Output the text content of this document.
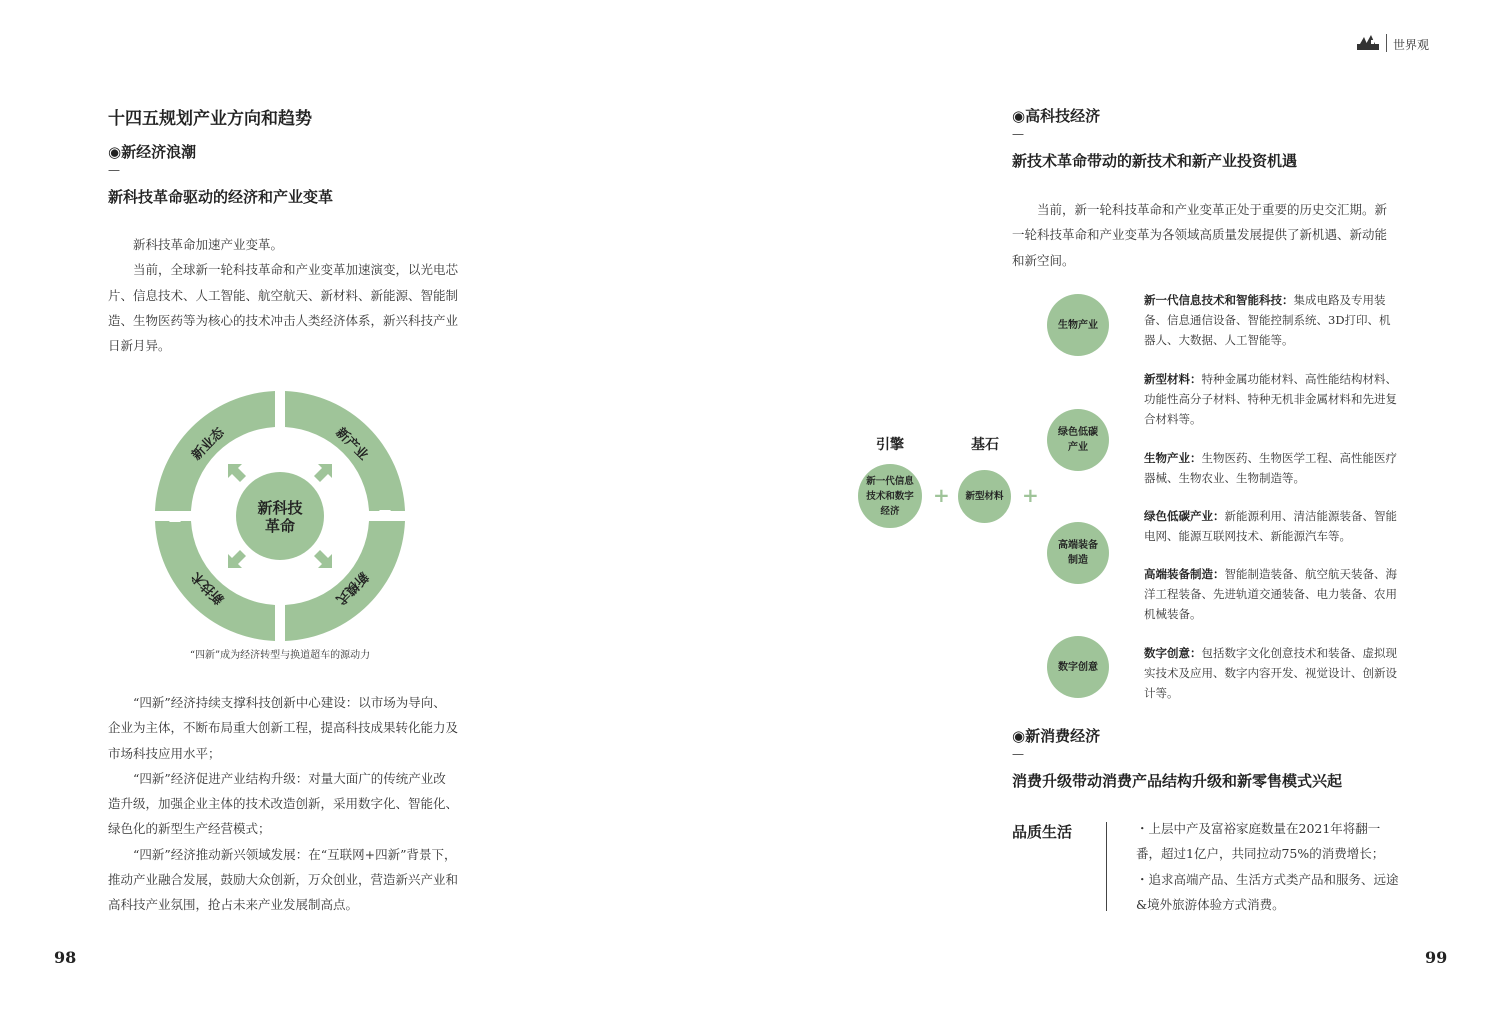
世界观
十四五规划产业方向和趋势
◉新经济浪潮
—
新科技革命驱动的经济和产业变革

新科技革命加速产业变革。

当前，全球新一轮科技革命和产业变革加速演变，以光电芯片、信息技术、人工智能、航空航天、新材料、新能源、智能制造、生物医药等为核心的技术冲击人类经济体系，新兴科技产业日新月异。

新科技
革命
新业态	新产业
新模式
新技术
“四新”成为经济转型与换道超车的源动力

“四新”经济持续支撑科技创新中心建设：以市场为导向、企业为主体，不断布局重大创新工程，提高科技成果转化能力及市场科技应用水平；

“四新”经济促进产业结构升级：对量大面广的传统产业改造升级，加强企业主体的技术改造创新，采用数字化、智能化、绿色化的新型生产经营模式；

“四新”经济推动新兴领域发展：在“互联网+四新”背景下，推动产业融合发展，鼓励大众创新，万众创业，营造新兴产业和高科技产业氛围，抢占未来产业发展制高点。

98
◉高科技经济
—
新技术革命带动的新技术和新产业投资机遇

当前，新一轮科技革命和产业变革正处于重要的历史交汇期。新一轮科技革命和产业变革为各领域高质量发展提供了新机遇、新动能和新空间。

引擎	基石
新一代信息技术和数字经济
+	新型材料 +
生物产业
绿色低碳产业
高端装备制造
数字创意
新一代信息技术和智能科技：集成电路及专用装备、信息通信设备、智能控制系统、3D打印、机器人、大数据、人工智能等。
新型材料：特种金属功能材料、高性能结构材料、功能性高分子材料、特种无机非金属材料和先进复合材料等。
生物产业：生物医药、生物医学工程、高性能医疗器械、生物农业、生物制造等。
绿色低碳产业：新能源利用、清洁能源装备、智能电网、能源互联网技术、新能源汽车等。
高端装备制造：智能制造装备、航空航天装备、海洋工程装备、先进轨道交通装备、电力装备、农用机械装备。
数字创意：包括数字文化创意技术和装备、虚拟现实技术及应用、数字内容开发、视觉设计、创新设计等。
◉新消费经济
—
消费升级带动消费产品结构升级和新零售模式兴起
品质生活	・上层中产及富裕家庭数量在2021年将翻一番，超过1亿户，共同拉动75%的消费增长；

・追求高端产品、生活方式类产品和服务、远途&境外旅游体验方式消费。

99
